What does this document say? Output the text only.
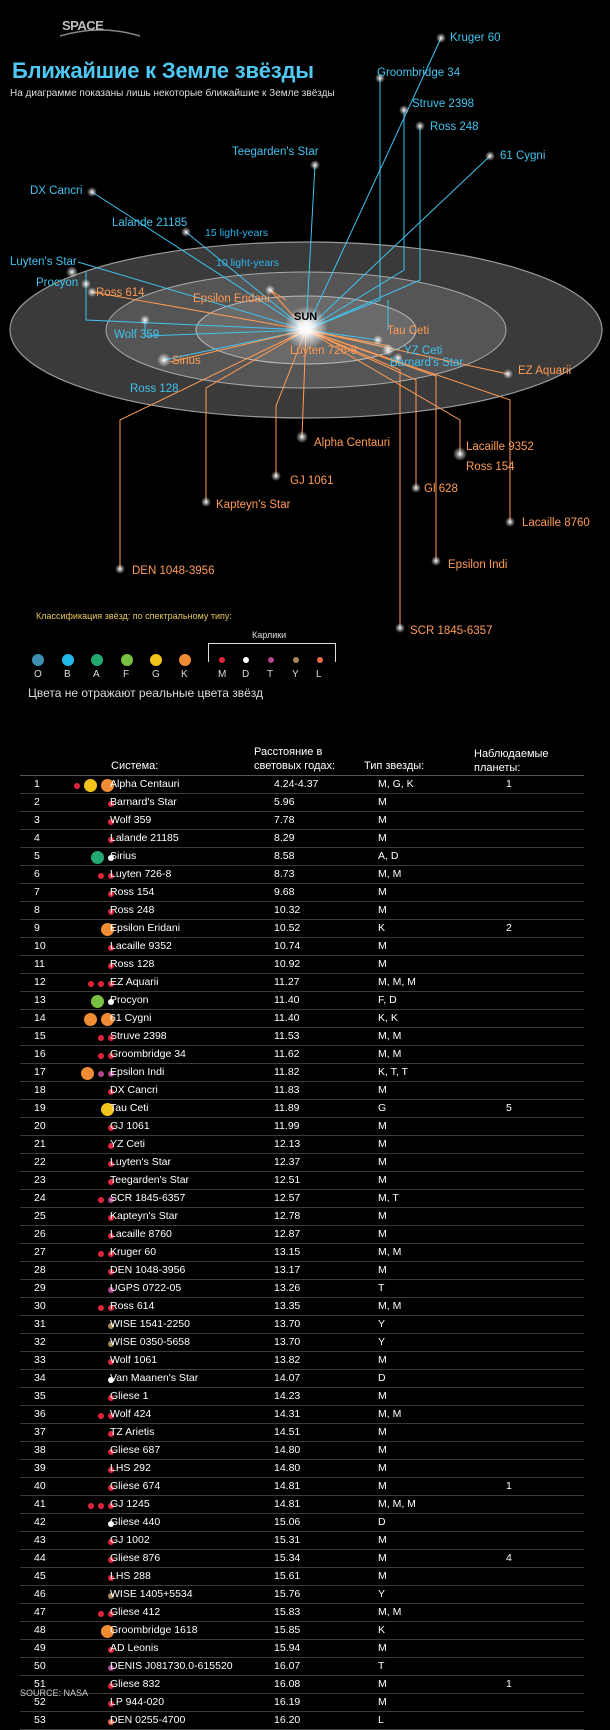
SPACE
Ближайшие к Земле звёзды
На диаграмме показаны лишь некоторые ближайшие к Земле звёзды
15 light-years
10 light-years
SUN
Kruger 60
Groombridge 34
Struve 2398
Ross 248
61 Cygni
Teegarden's Star
DX Cancri
Lalande 21185
Luyten's Star
Procyon
Ross 614	Epsilon Eridani
Wolf 359
Sirius
Ross 128
Tau Ceti
YZ Ceti
Barnard's Star
Luyten 726-8
EZ Aquarii
Alpha Centauri
GJ 1061
Lacaille 9352
Ross 154
Gl 628
Kapteyn's Star
Lacaille 8760
Epsilon Indi
DEN 1048-3956
SCR 1845-6357
Классификация звёзд: по спектральному типу:
Карлики
O B A F G K	M D T Y L
Цвета не отражают реальные цвета звёзд
Система:
Расстояние в световых годах:	Тип звезды:
Наблюдаемые планеты:
1	Alpha Centauri	4.24-4.37	M, G, K	1
2	Barnard's Star	5.96	M
3	Wolf 359	7.78	M
4	Lalande 21185	8.29	M
5	Sirius	8.58	A, D
6	Luyten 726-8	8.73	M, M
7	Ross 154	9.68	M
8	Ross 248	10.32	M
9	Epsilon Eridani	10.52	K	2
10	Lacaille 9352	10.74	M
11	Ross 128	10.92	M
12	EZ Aquarii	11.27	M, M, M
13	Procyon	11.40	F, D
14	61 Cygni	11.40	K, K
15	Struve 2398	11.53	M, M
16	Groombridge 34	11.62	M, M
17	Epsilon Indi	11.82	K, T, T
18	DX Cancri	11.83	M
19	Tau Ceti	11.89	G	5
20	GJ 1061	11.99	M
21	YZ Ceti	12.13	M
22	Luyten's Star	12.37	M
23	Teegarden's Star	12.51	M
24	SCR 1845-6357	12.57	M, T
25	Kapteyn's Star	12.78	M
26	Lacaille 8760	12.87	M
27	Kruger 60	13.15	M, M
28	DEN 1048-3956	13.17	M
29	UGPS 0722-05	13.26	T
30	Ross 614	13.35	M, M
31	WISE 1541-2250	13.70	Y
32	WISE 0350-5658	13.70	Y
33	Wolf 1061	13.82	M
34	Van Maanen's Star	14.07	D
35	Gliese 1	14.23	M
36	Wolf 424	14.31	M, M
37	TZ Arietis	14.51	M
38	Gliese 687	14.80	M
39	LHS 292	14.80	M
40	Gliese 674	14.81	M	1
41	GJ 1245	14.81	M, M, M
42	Gliese 440	15.06	D
43	GJ 1002	15.31	M
44	Gliese 876	15.34	M	4
45	LHS 288	15.61	M
46	WISE 1405+5534	15.76	Y
47	Gliese 412	15.83	M, M
48	Groombridge 1618	15.85	K
49	AD Leonis	15.94	M
50	DENIS J081730.0-615520	16.07	T
51	Gliese 832	16.08	M	1
52	LP 944-020	16.19	M
53	DEN 0255-4700	16.20	L
SOURCE: NASA
